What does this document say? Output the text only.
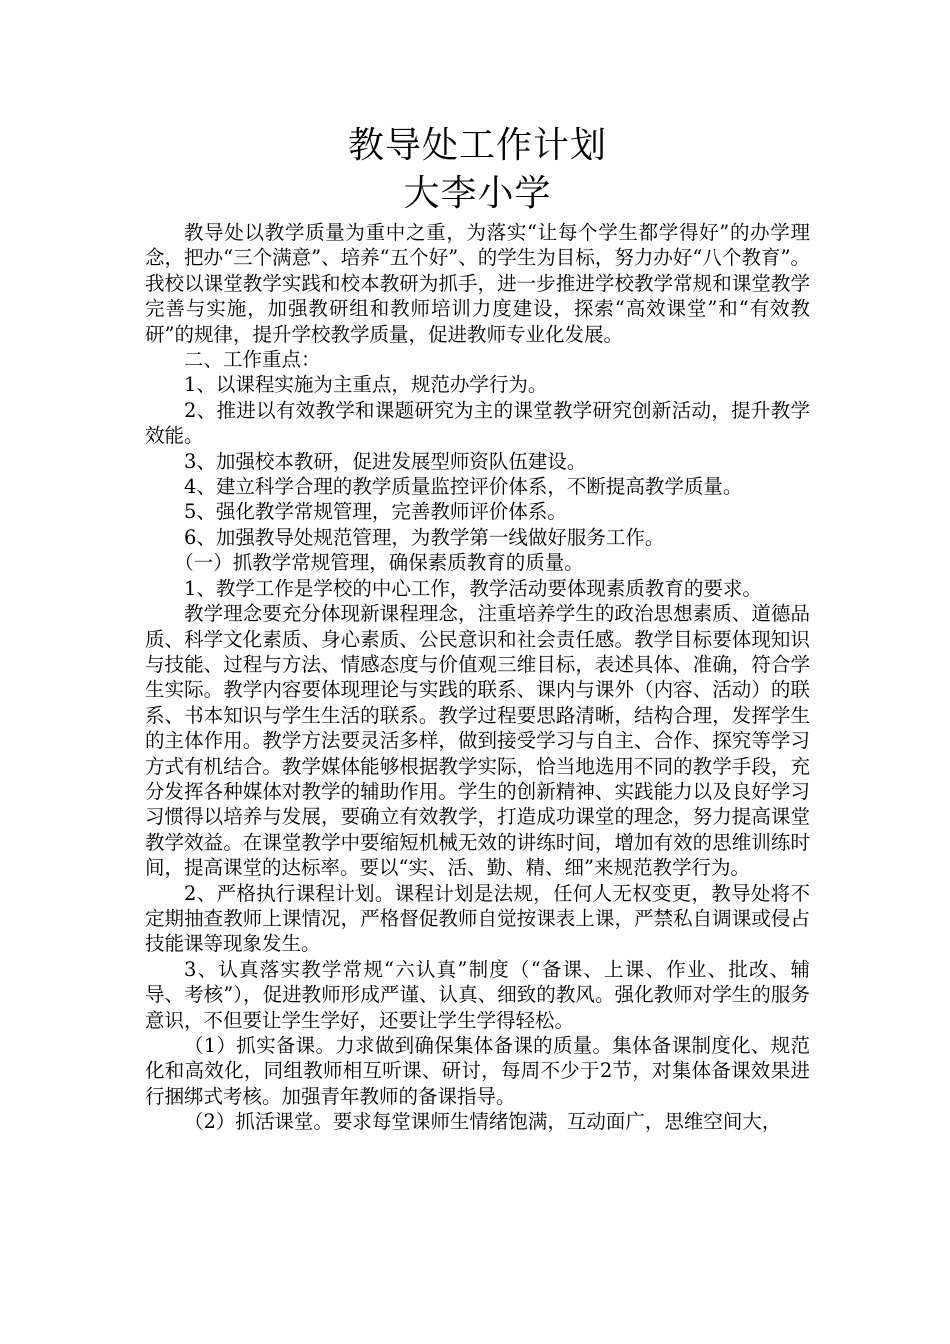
教导处工作计划
大李小学

教导处以教学质量为重中之重，为落实“让每个学生都学得好”的办学理念，把办“三个满意”、培养“五个好”、的学生为目标，努力办好“八个教育”。我校以课堂教学实践和校本教研为抓手，进一步推进学校教学常规和课堂教学完善与实施，加强教研组和教师培训力度建设，探索“高效课堂”和“有效教研”的规律，提升学校教学质量，促进教师专业化发展。

二、工作重点：

1、以课程实施为主重点，规范办学行为。

2、推进以有效教学和课题研究为主的课堂教学研究创新活动，提升教学效能。

3、加强校本教研，促进发展型师资队伍建设。

4、建立科学合理的教学质量监控评价体系，不断提高教学质量。

5、强化教学常规管理，完善教师评价体系。

6、加强教导处规范管理，为教学第一线做好服务工作。

（一）抓教学常规管理，确保素质教育的质量。

1、教学工作是学校的中心工作，教学活动要体现素质教育的要求。

教学理念要充分体现新课程理念，注重培养学生的政治思想素质、道德品质、科学文化素质、身心素质、公民意识和社会责任感。教学目标要体现知识与技能、过程与方法、情感态度与价值观三维目标，表述具体、准确，符合学生实际。教学内容要体现理论与实践的联系、课内与课外（内容、活动）的联系、书本知识与学生生活的联系。教学过程要思路清晰，结构合理，发挥学生的主体作用。教学方法要灵活多样，做到接受学习与自主、合作、探究等学习方式有机结合。教学媒体能够根据教学实际，恰当地选用不同的教学手段，充分发挥各种媒体对教学的辅助作用。学生的创新精神、实践能力以及良好学习习惯得以培养与发展，要确立有效教学，打造成功课堂的理念，努力提高课堂教学效益。在课堂教学中要缩短机械无效的讲练时间，增加有效的思维训练时间，提高课堂的达标率。要以“实、活、勤、精、细”来规范教学行为。

2、严格执行课程计划。课程计划是法规，任何人无权变更，教导处将不定期抽查教师上课情况，严格督促教师自觉按课表上课，严禁私自调课或侵占技能课等现象发生。

3、认真落实教学常规“六认真”制度（“备课、上课、作业、批改、辅导、考核”），促进教师形成严谨、认真、细致的教风。强化教师对学生的服务意识，不但要让学生学好，还要让学生学得轻松。

（1）抓实备课。力求做到确保集体备课的质量。集体备课制度化、规范化和高效化，同组教师相互听课、研讨，每周不少于2节，对集体备课效果进行捆绑式考核。加强青年教师的备课指导。

（2）抓活课堂。要求每堂课师生情绪饱满，互动面广，思维空间大，
